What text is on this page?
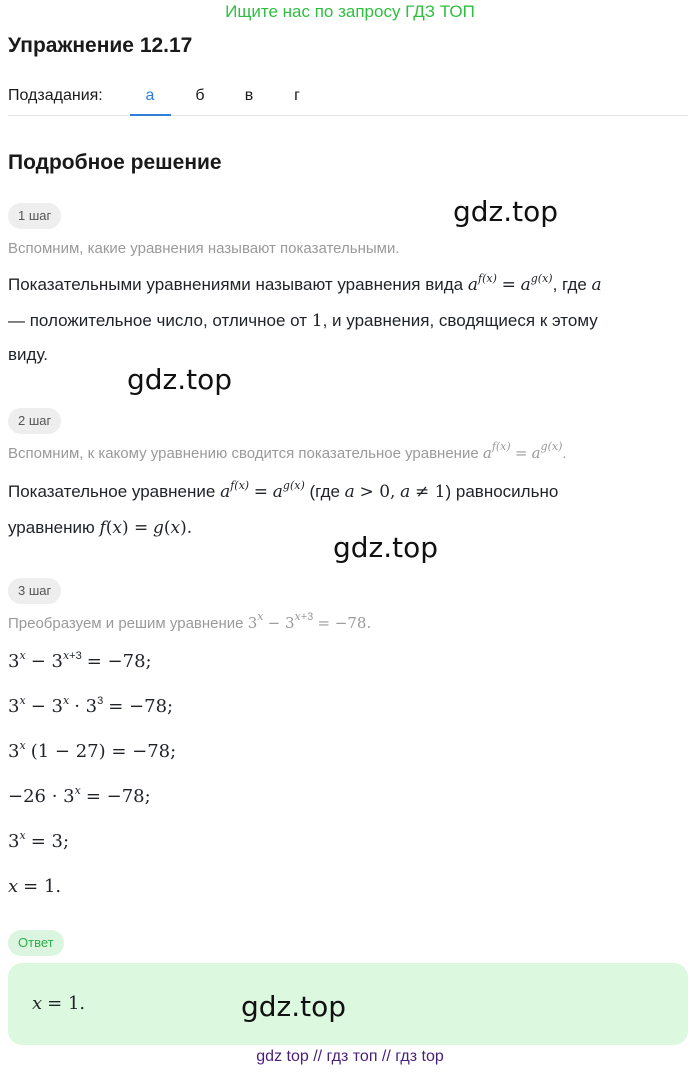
Ищите нас по запросу ГДЗ ТОП
Упражнение 12.17
Подзадания:	а	б	в	г
Подробное решение
1 шаг	gdz.top
Вспомним, какие уравнения называют показательными.
Показательными уравнениями называют уравнения вида $a^{f(x)} = a^{g(x)}$, где a
— положительное число, отличное от 1, и уравнения, сводящиеся к этому
виду.
gdz.top
2 шаг
Вспомним, к какому уравнению сводится показательное уравнение $a^{f(x)} = a^{g(x)}$.
Показательное уравнение $a^{f(x)} = a^{g(x)}$ (где a > 0, a ≠ 1) равносильно
уравнению f(x) = g(x).
gdz.top
3 шаг
Преобразуем и решим уравнение $3^x - 3^{x+3} = -78$.
$3^x - 3^{x+3} = -78$;
$3^x - 3^x \cdot 3^3 = -78$;
3$^x$ (1 − 27) = −78;
$-26 \cdot 3^x = -78$;
$3^x = 3$;
x = 1.
Ответ
x = 1.	gdz.top
gdz top // гдз топ // гдз top
